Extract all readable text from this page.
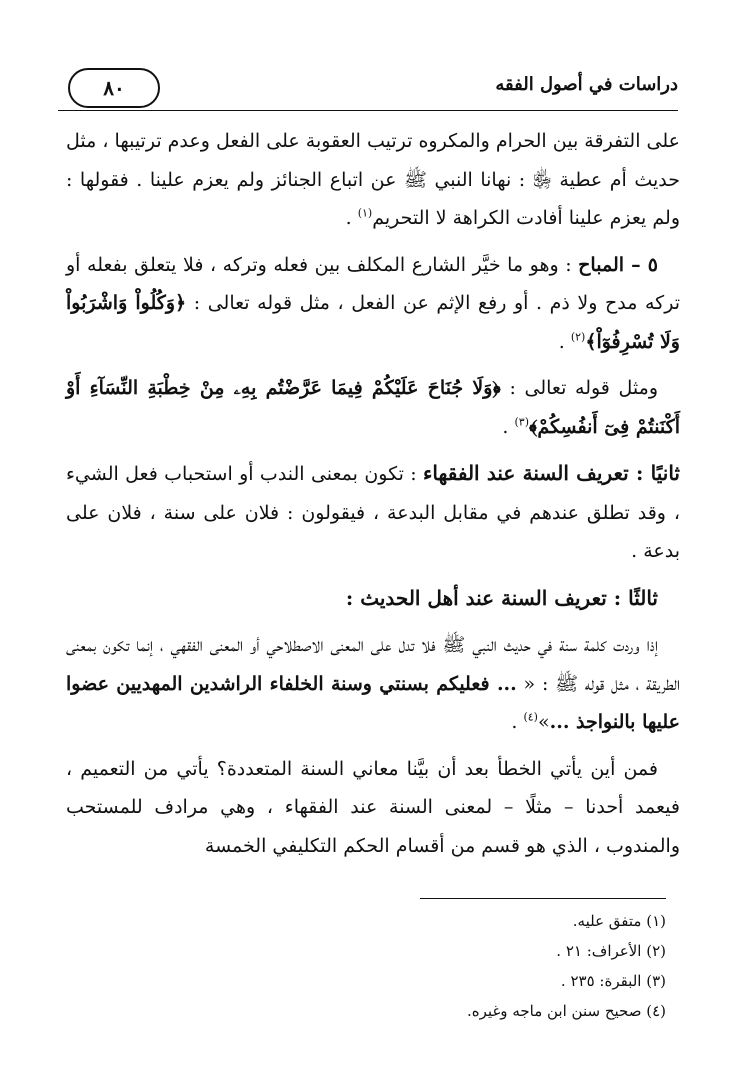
٨٠	دراسات في أصول الفقه

على التفرقة بين الحرام والمكروه ترتيب العقوبة على الفعل وعدم ترتيبها ، مثل حديث أم عطية ﵂ : نهانا النبي ﷺ عن اتباع الجنائز ولم يعزم علينا . فقولها : ولم يعزم علينا أفادت الكراهة لا التحريم$^{(١)}$ .

٥ – المباح : وهو ما خيَّر الشارع المكلف بين فعله وتركه ، فلا يتعلق بفعله أو تركه مدح ولا ذم . أو رفع الإثم عن الفعل ، مثل قوله تعالى : ﴿وَكُلُواْ وَاشْرَبُواْ وَلَا تُسْرِفُوٓاْ﴾$^{(٢)}$ .

ومثل قوله تعالى : ﴿وَلَا جُنَاحَ عَلَيْكُمْ فِيمَا عَرَّضْتُم بِهِۦ مِنْ خِطْبَةِ النِّسَآءِ أَوْ أَكْنَنتُمْ فِىٓ أَنفُسِكُمْ﴾$^{(٣)}$ .

ثانيًا : تعريف السنة عند الفقهاء : تكون بمعنى الندب أو استحباب فعل الشيء ، وقد تطلق عندهم في مقابل البدعة ، فيقولون : فلان على سنة ، فلان على بدعة .

ثالثًا : تعريف السنة عند أهل الحديث :

إذا وردت كلمة سنة في حديث النبي ﷺ فلا تدل على المعنى الاصطلاحي أو المعنى الفقهي ، إنما تكون بمعنى الطريقة ، مثل قوله ﷺ : « ... فعليكم بسنتي وسنة الخلفاء الراشدين المهديين عضوا عليها بالنواجذ ...»$^{(٤)}$ .

فمن أين يأتي الخطأ بعد أن بيَّنا معاني السنة المتعددة؟ يأتي من التعميم ، فيعمد أحدنا – مثلًا – لمعنى السنة عند الفقهاء ، وهي مرادف للمستحب والمندوب ، الذي هو قسم من أقسام الحكم التكليفي الخمسة

(١) متفق عليه.
(٢) الأعراف: ٢١ .
(٣) البقرة: ٢٣٥ .
(٤) صحيح سنن ابن ماجه وغيره.
